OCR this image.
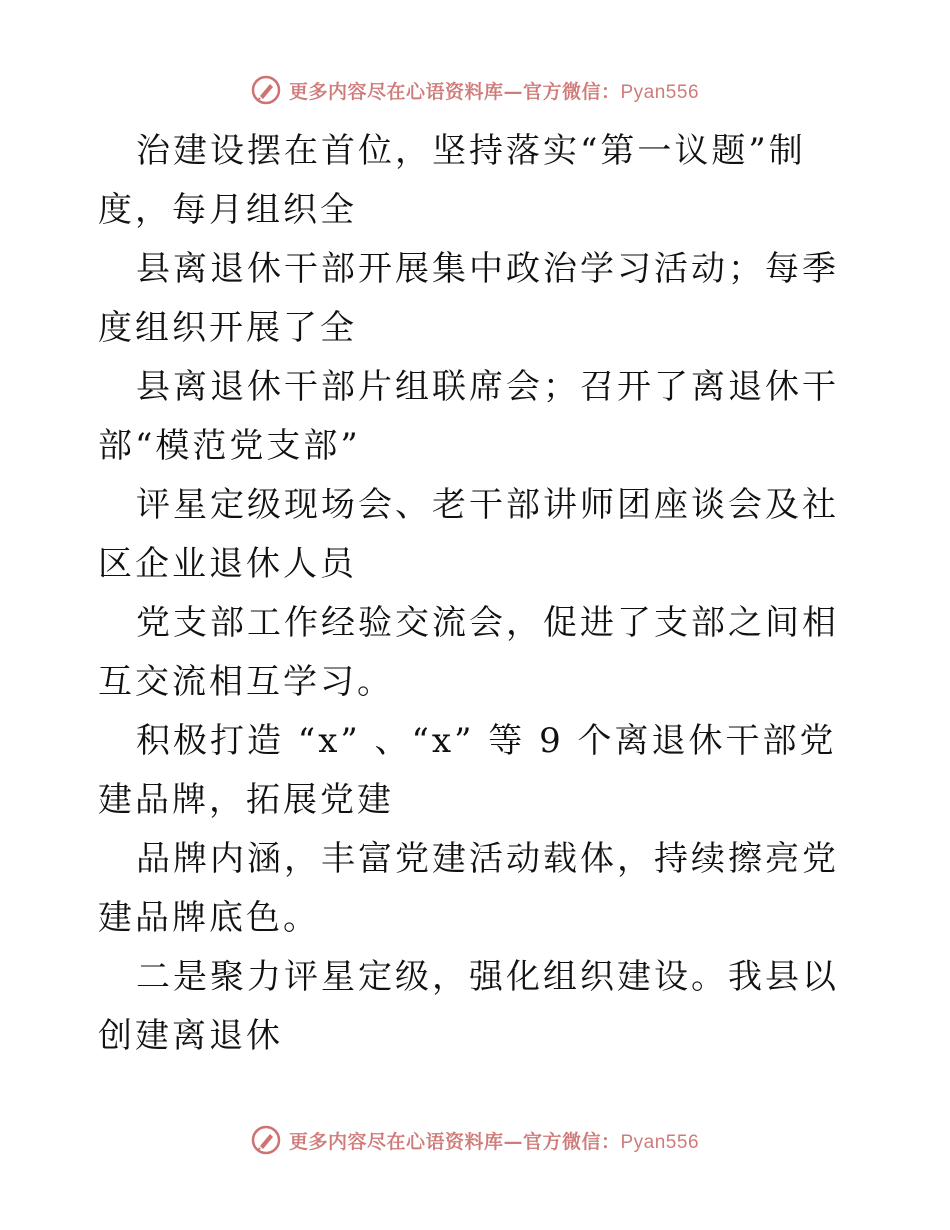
更多内容尽在心语资料库—官方微信：Pyan556

治建设摆在首位，坚持落实“第一议题”制度，每月组织全

县离退休干部开展集中政治学习活动；每季度组织开展了全

县离退休干部片组联席会；召开了离退休干部“模范党支部”

评星定级现场会、老干部讲师团座谈会及社区企业退休人员

党支部工作经验交流会，促进了支部之间相互交流相互学习。

积极打造 “x” 、“x” 等 9 个离退休干部党建品牌，拓展党建

品牌内涵，丰富党建活动载体，持续擦亮党建品牌底色。

二是聚力评星定级，强化组织建设。我县以创建离退休

更多内容尽在心语资料库—官方微信：Pyan556
